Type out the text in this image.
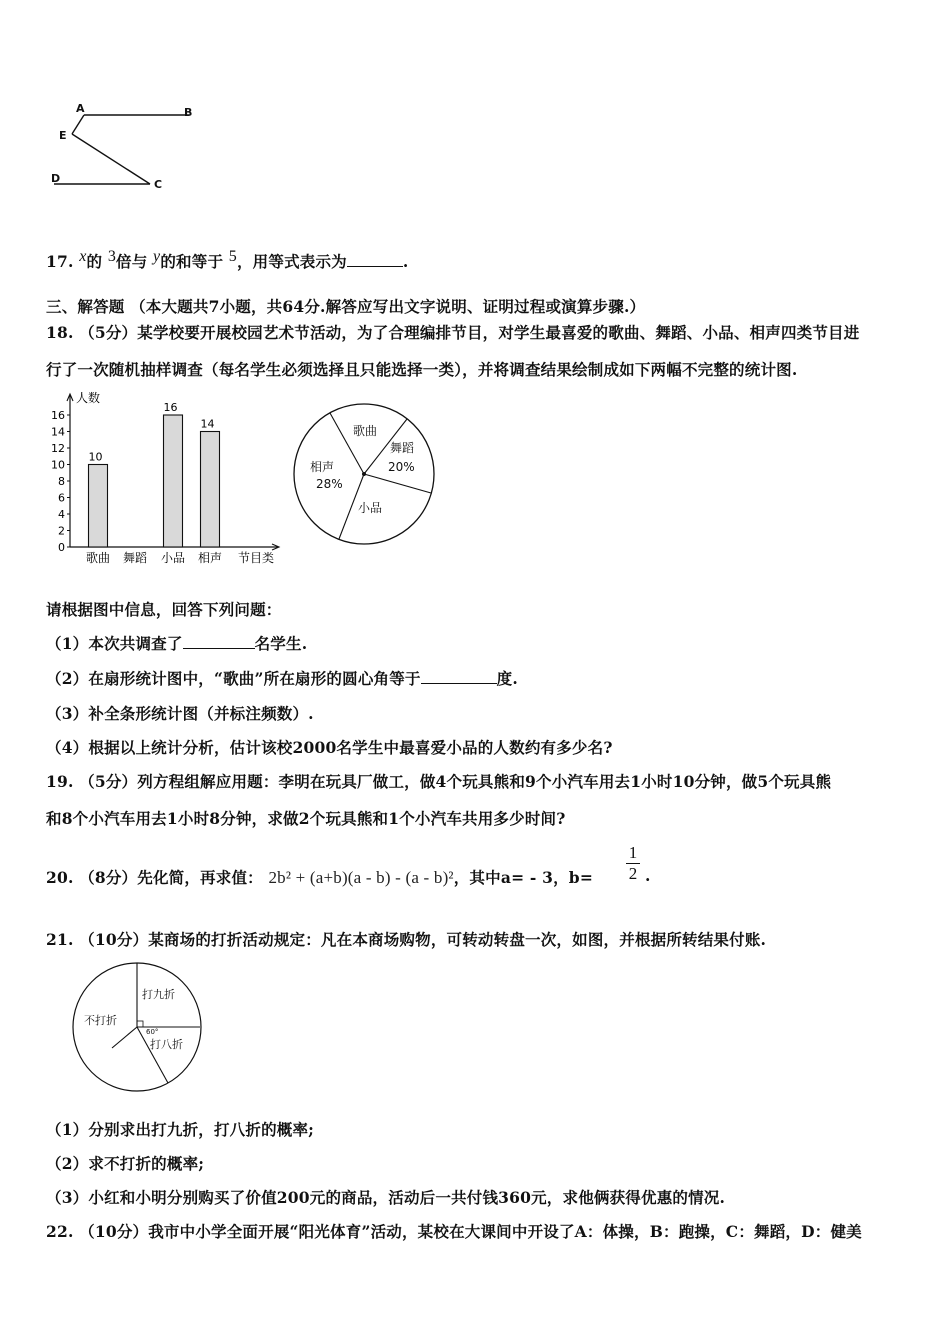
A	B
E
D	C
17. x的 3倍与 y的和等于 5，用等式表示为	.
三、解答题 （本大题共7小题，共64分.解答应写出文字说明、证明过程或演算步骤.）
18. （5分）某学校要开展校园艺术节活动，为了合理编排节目，对学生最喜爱的歌曲、舞蹈、小品、相声四类节目进
行了一次随机抽样调查（每名学生必须选择且只能选择一类），并将调查结果绘制成如下两幅不完整的统计图.
人数
0
2
4
6
8
10
12
14
16
10
歌曲 舞蹈
16
小品
14
相声 节目类
歌曲
舞蹈
20%
相声
28%
小品
请根据图中信息，回答下列问题：
（1）本次共调查了	名学生.
（2）在扇形统计图中，“歌曲”所在扇形的圆心角等于	度.
（3）补全条形统计图（并标注频数）.
（4）根据以上统计分析，估计该校2000名学生中最喜爱小品的人数约有多少名?
19. （5分）列方程组解应用题：李明在玩具厂做工，做4个玩具熊和9个小汽车用去1小时10分钟，做5个玩具熊
和8个小汽车用去1小时8分钟，求做2个玩具熊和1个小汽车共用多少时间?
20. （8分）先化简，再求值： 2b² + (a+b)(a - b) - (a - b)²，其中a= - 3，$b= \frac{1}{2}$ .
21. （10分）某商场的打折活动规定：凡在本商场购物，可转动转盘一次，如图，并根据所转结果付账.
打九折
不打折
打八折
60°
（1）分别求出打九折，打八折的概率;
（2）求不打折的概率;
（3）小红和小明分别购买了价值200元的商品，活动后一共付钱360元，求他俩获得优惠的情况.
22. （10分）我市中小学全面开展“阳光体育”活动，某校在大课间中开设了A：体操，B：跑操，C：舞蹈，D：健美
